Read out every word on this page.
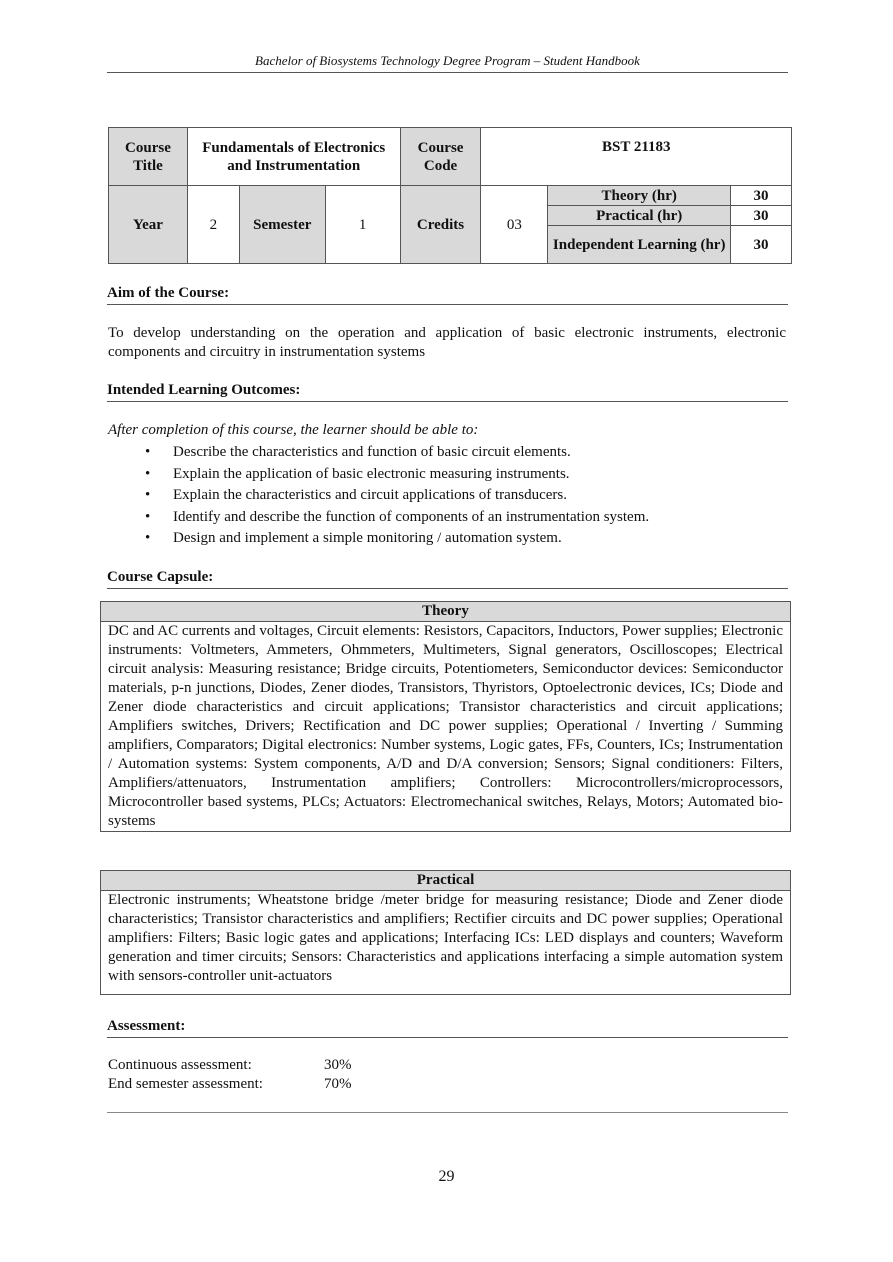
Bachelor of Biosystems Technology Degree Program – Student Handbook
Course Title	Fundamentals of Electronics and Instrumentation			Course Code	BST 21183		
Year	2	Semester	1	Credits	03	Theory (hr)	30
						Practical (hr)	30
						Independent Learning (hr)	30
Aim of the Course:
To develop understanding on the operation and application of basic electronic instruments, electronic components and circuitry in instrumentation systems
Intended Learning Outcomes:
After completion of this course, the learner should be able to:
• Describe the characteristics and function of basic circuit elements.
• Explain the application of basic electronic measuring instruments.
• Explain the characteristics and circuit applications of transducers.
• Identify and describe the function of components of an instrumentation system.
• Design and implement a simple monitoring / automation system.
Course Capsule:
Theory
DC and AC currents and voltages, Circuit elements: Resistors, Capacitors, Inductors, Power supplies; Electronic instruments: Voltmeters, Ammeters, Ohmmeters, Multimeters, Signal generators, Oscilloscopes; Electrical circuit analysis: Measuring resistance; Bridge circuits, Potentiometers, Semiconductor devices: Semiconductor materials, p-n junctions, Diodes, Zener diodes, Transistors, Thyristors, Optoelectronic devices, ICs; Diode and Zener diode characteristics and circuit applications; Transistor characteristics and circuit applications; Amplifiers switches, Drivers; Rectification and DC power supplies; Operational / Inverting / Summing amplifiers, Comparators; Digital electronics: Number systems, Logic gates, FFs, Counters, ICs; Instrumentation / Automation systems: System components, A/D and D/A conversion; Sensors; Signal conditioners: Filters, Amplifiers/attenuators, Instrumentation amplifiers; Controllers: Microcontrollers/microprocessors, Microcontroller based systems, PLCs; Actuators: Electromechanical switches, Relays, Motors; Automated bio-systems
Practical
Electronic instruments; Wheatstone bridge /meter bridge for measuring resistance; Diode and Zener diode characteristics; Transistor characteristics and amplifiers; Rectifier circuits and DC power supplies; Operational amplifiers: Filters; Basic logic gates and applications; Interfacing ICs: LED displays and counters; Waveform generation and timer circuits; Sensors: Characteristics and applications interfacing a simple automation system with sensors-controller unit-actuators
Assessment:
Continuous assessment:	30%
End semester assessment:	70%
29
